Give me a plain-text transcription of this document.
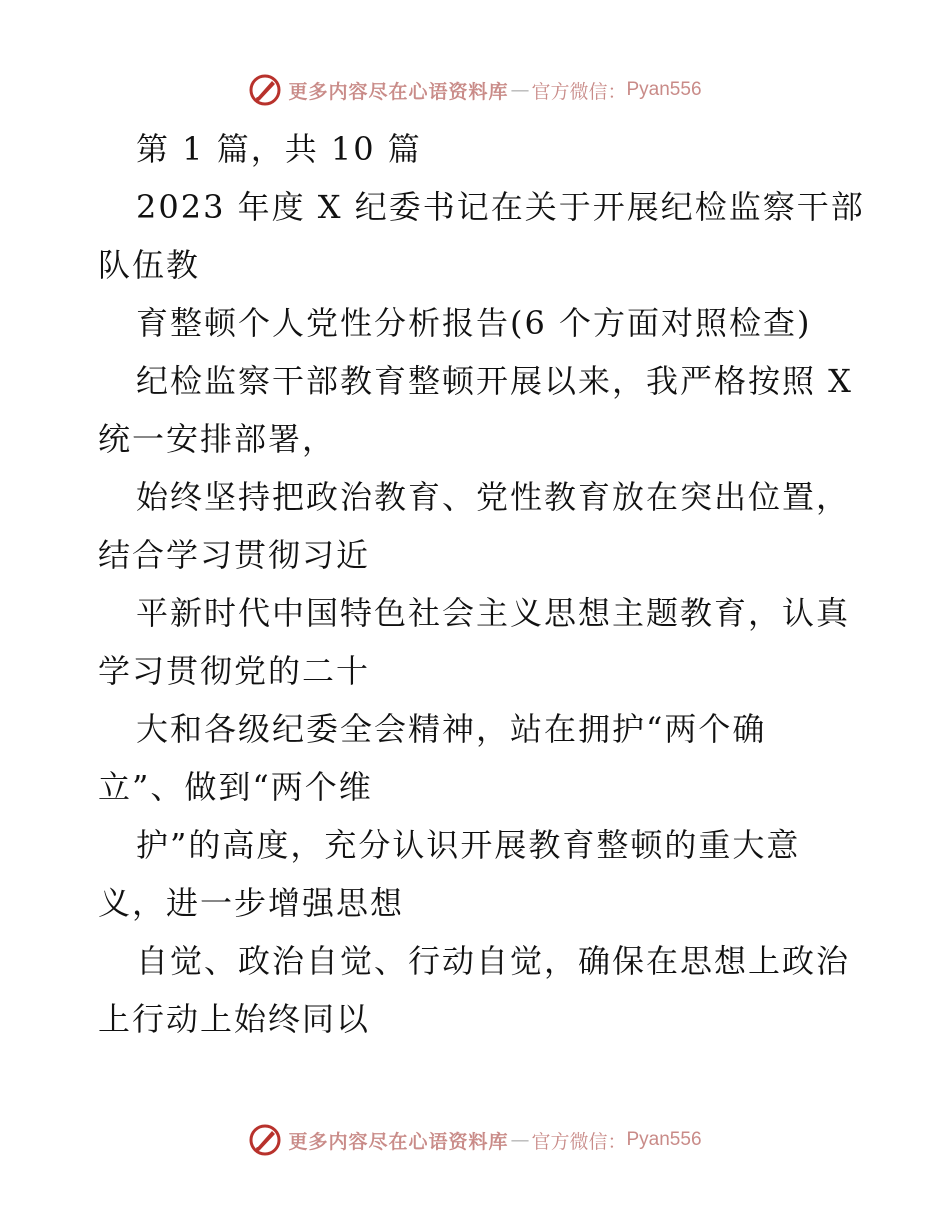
更多内容尽在心语资料库 — 官方微信： Pyan556
第 1 篇，共 10 篇
2023 年度 X 纪委书记在关于开展纪检监察干部
队伍教
育整顿个人党性分析报告(6 个方面对照检查)
纪检监察干部教育整顿开展以来，我严格按照 X
统一安排部署，
始终坚持把政治教育、党性教育放在突出位置，
结合学习贯彻习近
平新时代中国特色社会主义思想主题教育，认真
学习贯彻党的二十
大和各级纪委全会精神，站在拥护“两个确
立”、做到“两个维
护”的高度，充分认识开展教育整顿的重大意
义，进一步增强思想
自觉、政治自觉、行动自觉，确保在思想上政治
上行动上始终同以
更多内容尽在心语资料库 — 官方微信： Pyan556
